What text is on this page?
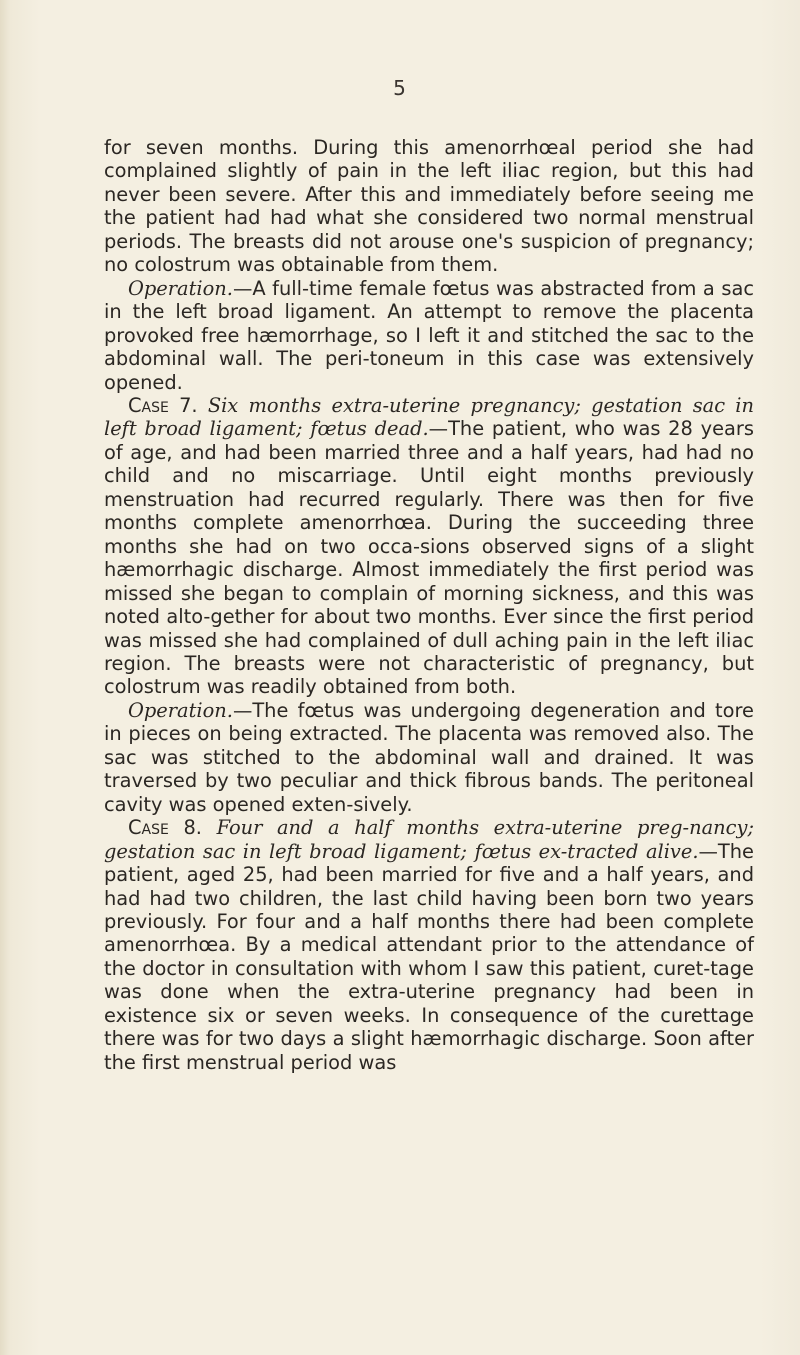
5

for seven months. During this amenorrhœal period she had complained slightly of pain in the left iliac region, but this had never been severe. After this and immediately before seeing me the patient had had what she considered two normal menstrual periods. The breasts did not arouse one's suspicion of pregnancy; no colostrum was obtainable from them.

Operation.—A full-time female fœtus was abstracted from a sac in the left broad ligament. An attempt to remove the placenta provoked free hæmorrhage, so I left it and stitched the sac to the abdominal wall. The peri-toneum in this case was extensively opened.

Case 7. Six months extra-uterine pregnancy; gestation sac in left broad ligament; fœtus dead.—The patient, who was 28 years of age, and had been married three and a half years, had had no child and no miscarriage. Until eight months previously menstruation had recurred regularly. There was then for five months complete amenorrhœa. During the succeeding three months she had on two occa-sions observed signs of a slight hæmorrhagic discharge. Almost immediately the first period was missed she began to complain of morning sickness, and this was noted alto-gether for about two months. Ever since the first period was missed she had complained of dull aching pain in the left iliac region. The breasts were not characteristic of pregnancy, but colostrum was readily obtained from both.

Operation.—The fœtus was undergoing degeneration and tore in pieces on being extracted. The placenta was removed also. The sac was stitched to the abdominal wall and drained. It was traversed by two peculiar and thick fibrous bands. The peritoneal cavity was opened exten-sively.

Case 8. Four and a half months extra-uterine preg-nancy; gestation sac in left broad ligament; fœtus ex-tracted alive.—The patient, aged 25, had been married for five and a half years, and had had two children, the last child having been born two years previously. For four and a half months there had been complete amenorrhœa. By a medical attendant prior to the attendance of the doctor in consultation with whom I saw this patient, curet-tage was done when the extra-uterine pregnancy had been in existence six or seven weeks. In consequence of the curettage there was for two days a slight hæmorrhagic discharge. Soon after the first menstrual period was
